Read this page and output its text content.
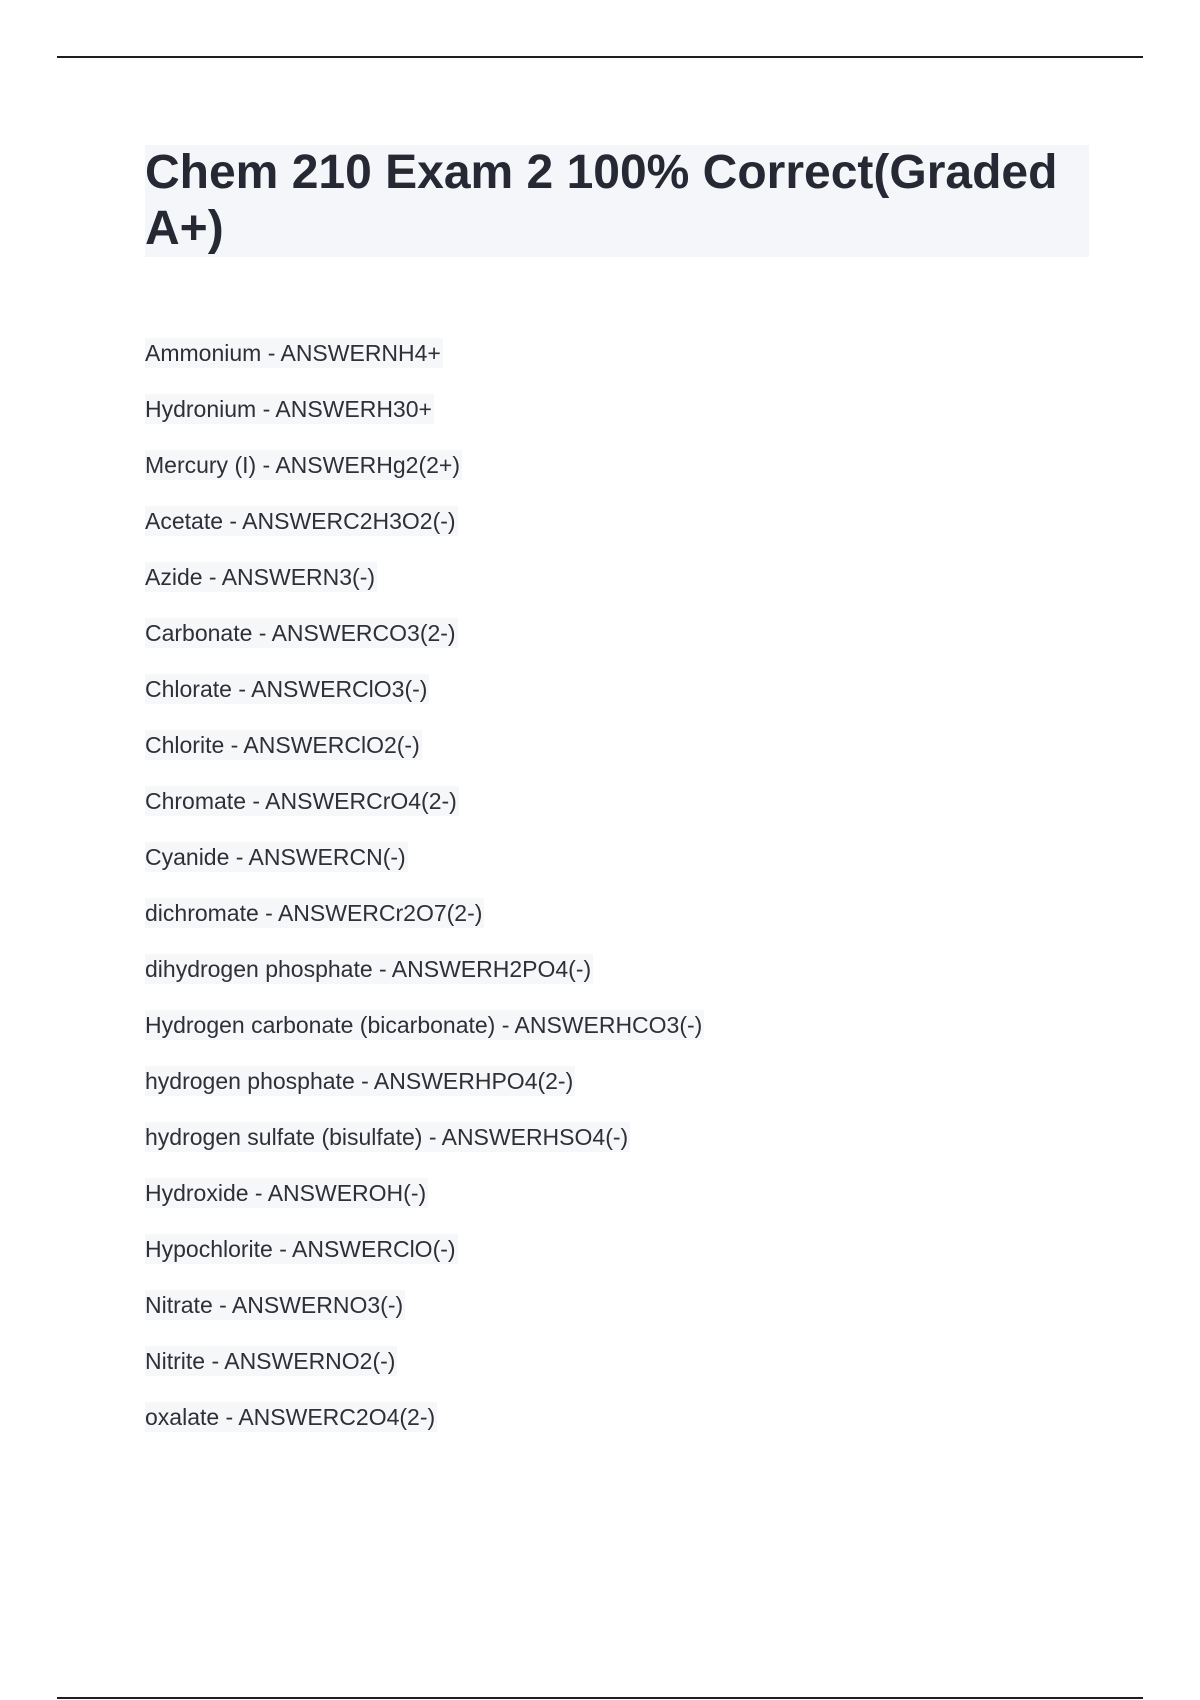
Chem 210 Exam 2 100% Correct(Graded A+)
Ammonium - ANSWERNH4+
Hydronium - ANSWERH30+
Mercury (I) - ANSWERHg2(2+)
Acetate - ANSWERC2H3O2(-)
Azide - ANSWERN3(-)
Carbonate - ANSWERCO3(2-)
Chlorate - ANSWERClO3(-)
Chlorite - ANSWERClO2(-)
Chromate - ANSWERCrO4(2-)
Cyanide - ANSWERCN(-)
dichromate - ANSWERCr2O7(2-)
dihydrogen phosphate - ANSWERH2PO4(-)
Hydrogen carbonate (bicarbonate) - ANSWERHCO3(-)
hydrogen phosphate - ANSWERHPO4(2-)
hydrogen sulfate (bisulfate) - ANSWERHSO4(-)
Hydroxide - ANSWEROH(-)
Hypochlorite - ANSWERClO(-)
Nitrate - ANSWERNO3(-)
Nitrite - ANSWERNO2(-)
oxalate - ANSWERC2O4(2-)
